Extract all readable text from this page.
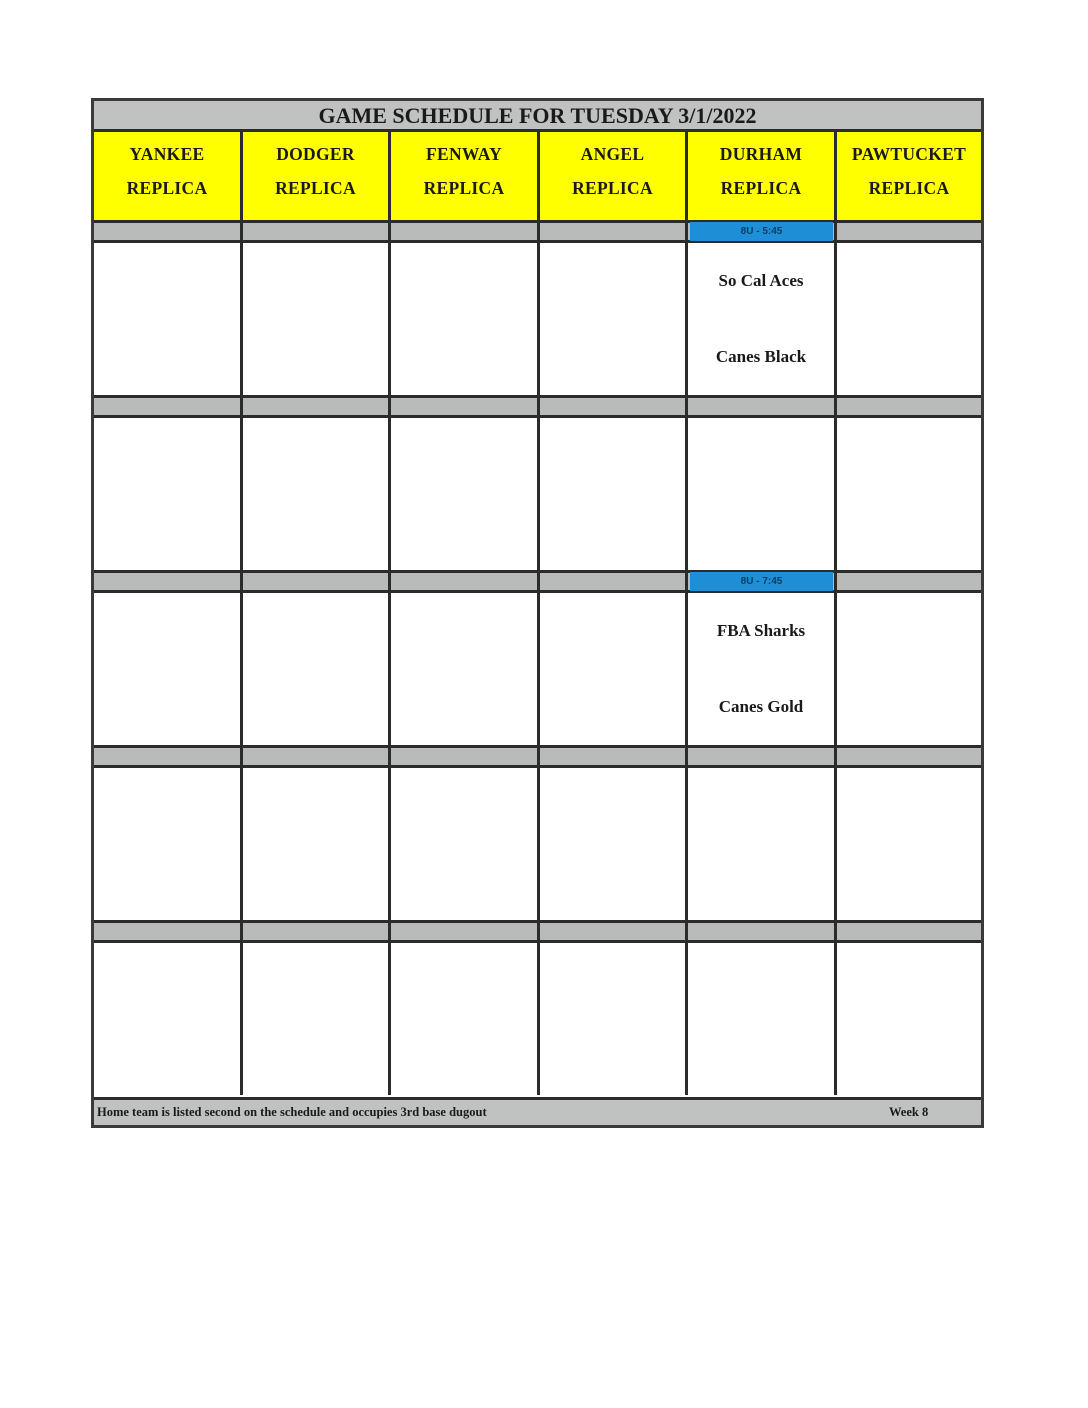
GAME SCHEDULE FOR TUESDAY 3/1/2022
YANKEE
REPLICA
DODGER
REPLICA
FENWAY
REPLICA
ANGEL
REPLICA
DURHAM
REPLICA
PAWTUCKET
REPLICA
8U - 5:45
So Cal Aces
Canes Black
8U - 7:45
FBA Sharks
Canes Gold
Home team is listed second on the schedule and occupies 3rd base dugout	Week 8
